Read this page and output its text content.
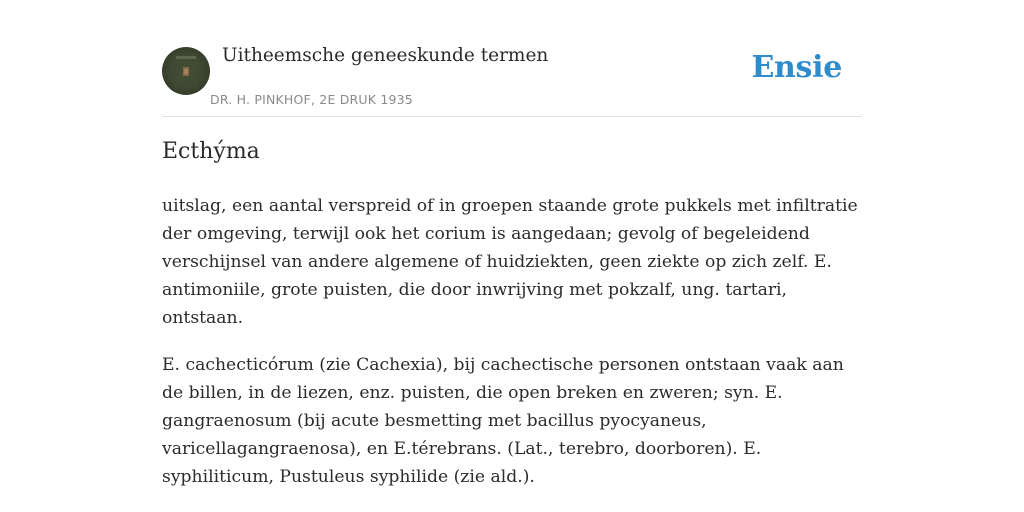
Uitheemsche geneeskunde termen
DR. H. PINKHOF, 2E DRUK 1935
Ensie
Ecthýma

uitslag, een aantal verspreid of in groepen staande grote pukkels met infiltratie der omgeving, terwijl ook het corium is aangedaan; gevolg of begeleidend verschijnsel van andere algemene of huidziekten, geen ziekte op zich zelf. E. antimoniile, grote puisten, die door inwrijving met pokzalf, ung. tartari, ontstaan.

E. cachecticórum (zie Cachexia), bij cachectische personen ontstaan vaak aan de billen, in de liezen, enz. puisten, die open breken en zweren; syn. E. gangraenosum (bij acute besmetting met bacillus pyocyaneus, varicellagangraenosa), en E.térebrans. (Lat., terebro, doorboren). E. syphiliticum, Pustuleus syphilide (zie ald.).
